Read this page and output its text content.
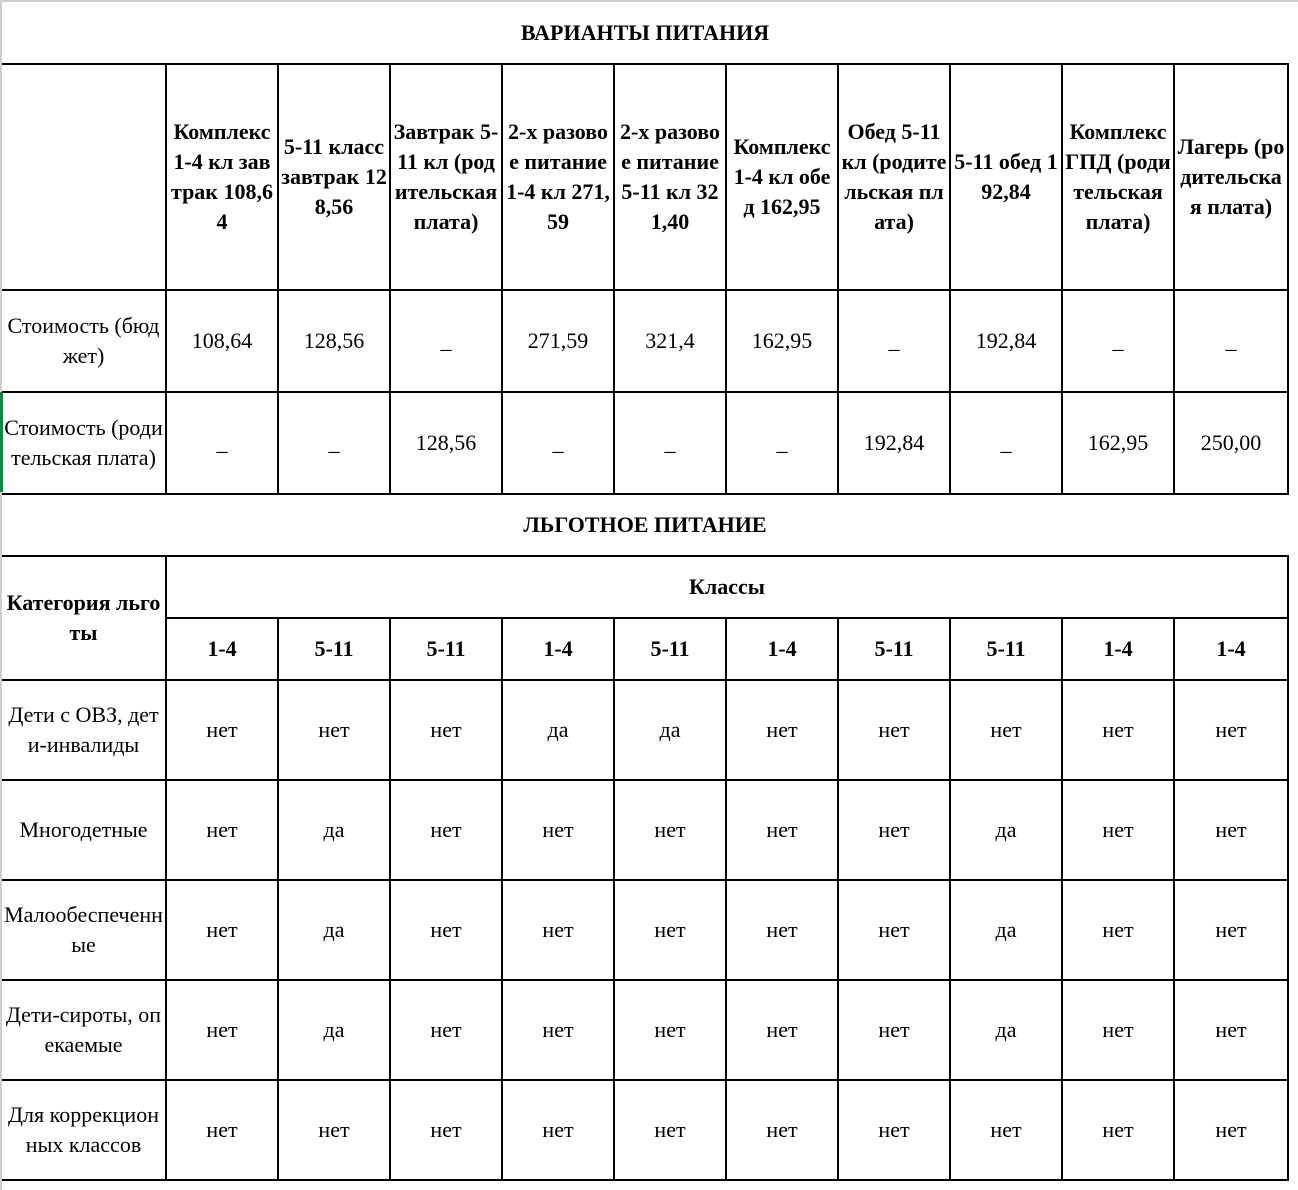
ВАРИАНТЫ ПИТАНИЯ										
	Комплекс 1-4 кл завтрак 108,64	5-11 класс завтрак 128,56	Завтрак 5-11 кл (родительская плата)	2-х разовое питание 1-4 кл 271,59	2-х разовое питание 5-11 кл 321,40	Комплекс 1-4 кл обед 162,95	Обед 5-11 кл (родительская плата)	5-11 обед 192,84	Комплекс ГПД (родительская плата)	Лагерь (родительская плата)
Стоимость (бюджет)	108,64	128,56	_	271,59	321,4	162,95	_	192,84	_	_
Стоимость (родительская плата)	_	_	128,56	_	_	_	192,84	_	162,95	250,00
ЛЬГОТНОЕ ПИТАНИЕ										
Категория льготы	Классы									
	1-4	5-11	5-11	1-4	5-11	1-4	5-11	5-11	1-4	1-4
Дети с ОВЗ, дети-инвалиды	нет	нет	нет	да	да	нет	нет	нет	нет	нет
Многодетные	нет	да	нет	нет	нет	нет	нет	да	нет	нет
Малообеспеченные	нет	да	нет	нет	нет	нет	нет	да	нет	нет
Дети-сироты, опекаемые	нет	да	нет	нет	нет	нет	нет	да	нет	нет
Для коррекционных классов	нет	нет	нет	нет	нет	нет	нет	нет	нет	нет
